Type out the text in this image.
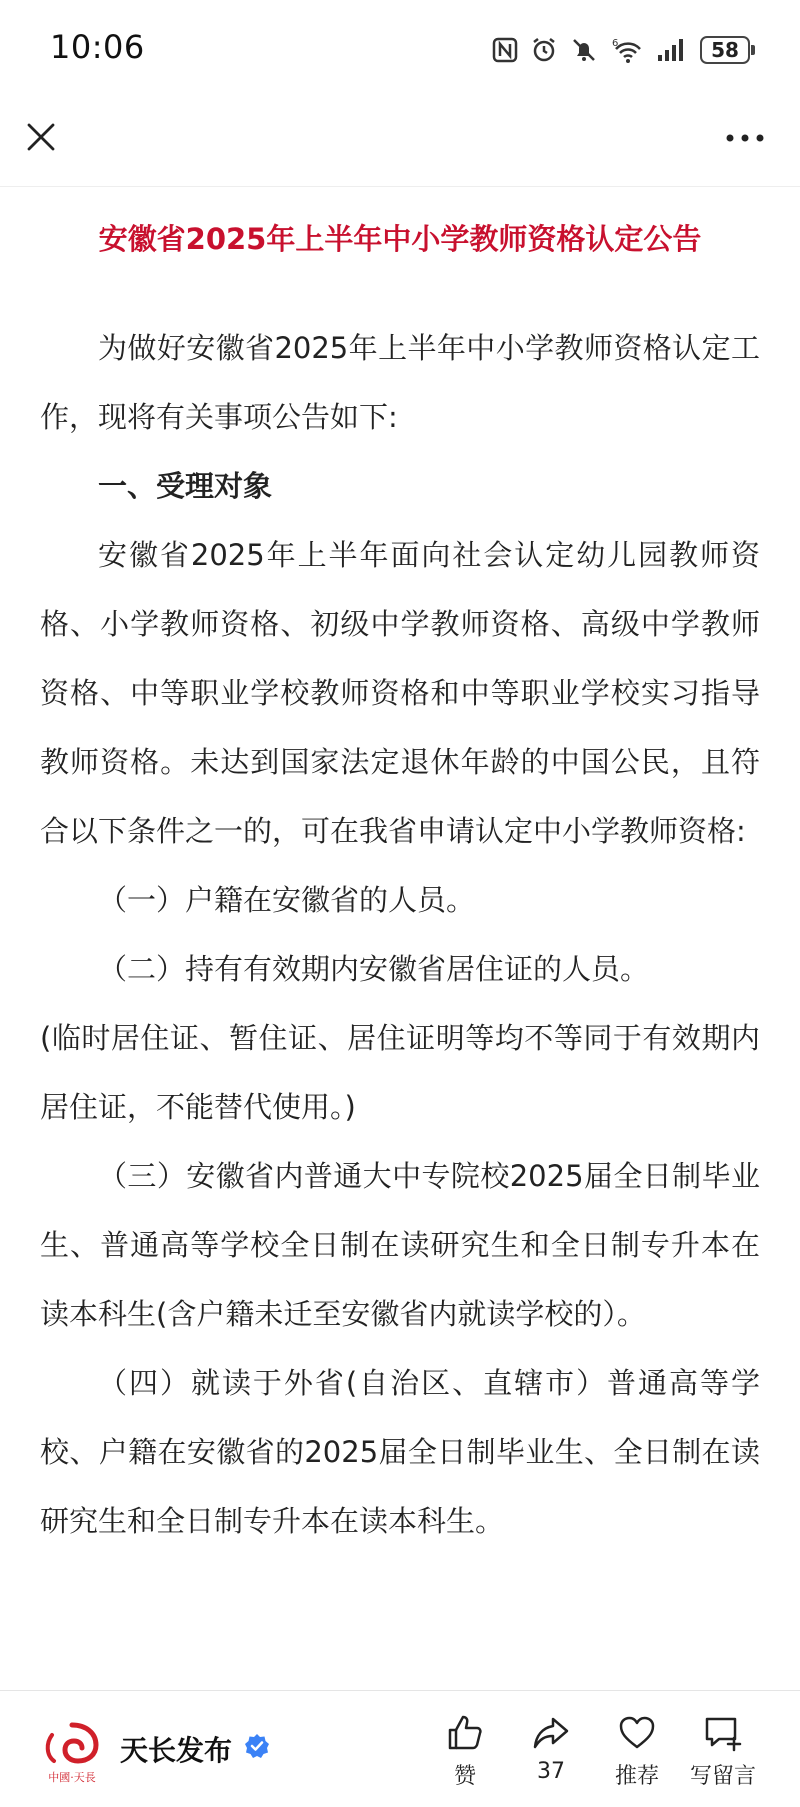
10:06	6	58
安徽省2025年上半年中小学教师资格认定公告

为做好安徽省2025年上半年中小学教师资格认定工作，现将有关事项公告如下:

一、受理对象

安徽省2025年上半年面向社会认定幼儿园教师资格、小学教师资格、初级中学教师资格、高级中学教师资格、中等职业学校教师资格和中等职业学校实习指导教师资格。未达到国家法定退休年龄的中国公民，且符合以下条件之一的，可在我省申请认定中小学教师资格:

（一）户籍在安徽省的人员。

（二）持有有效期内安徽省居住证的人员。

(临时居住证、暂住证、居住证明等均不等同于有效期内居住证，不能替代使用。)

（三）安徽省内普通大中专院校2025届全日制毕业生、普通高等学校全日制在读研究生和全日制专升本在读本科生(含户籍未迁至安徽省内就读学校的）。

（四）就读于外省(自治区、直辖市）普通高等学校、户籍在安徽省的2025届全日制毕业生、全日制在读研究生和全日制专升本在读本科生。

中國·天長
天长发布
赞	37	推荐	写留言
